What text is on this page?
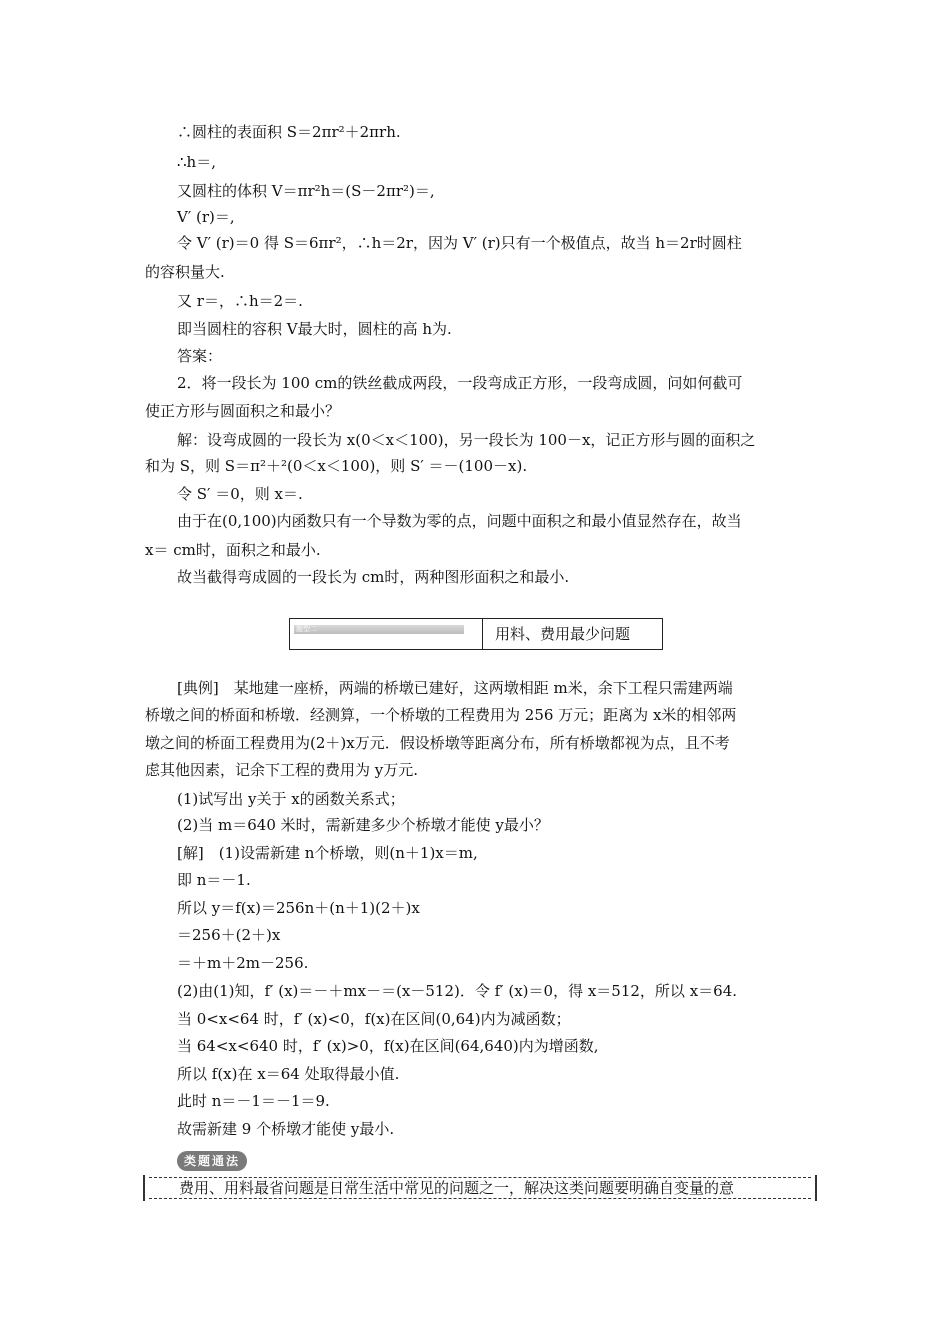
∴圆柱的表面积 S＝2πr²＋2πrh.
∴h＝,
又圆柱的体积 V＝πr²h＝(S－2πr²)＝,
V′ (r)＝,
令 V′ (r)＝0 得 S＝6πr²，∴h＝2r，因为 V′ (r)只有一个极值点，故当 h＝2r时圆柱
的容积量大.
又 r＝，∴h＝2＝.
即当圆柱的容积 V最大时，圆柱的高 h为.
答案：
2．将一段长为 100 cm的铁丝截成两段，一段弯成正方形，一段弯成圆，问如何截可
使正方形与圆面积之和最小？
解：设弯成圆的一段长为 x(0＜x＜100)，另一段长为 100－x，记正方形与圆的面积之
和为 S，则 S＝π²＋²(0＜x＜100)，则 S′ ＝－(100－x).
令 S′ ＝0，则 x＝.
由于在(0,100)内函数只有一个导数为零的点，问题中面积之和最小值显然存在，故当
x＝ cm时，面积之和最小.
故当截得弯成圆的一段长为 cm时，两种图形面积之和最小.
题型二	用料、费用最少问题
[典例]　某地建一座桥，两端的桥墩已建好，这两墩相距 m米，余下工程只需建两端
桥墩之间的桥面和桥墩．经测算，一个桥墩的工程费用为 256 万元；距离为 x米的相邻两
墩之间的桥面工程费用为(2＋)x万元．假设桥墩等距离分布，所有桥墩都视为点，且不考
虑其他因素，记余下工程的费用为 y万元.
(1)试写出 y关于 x的函数关系式；
(2)当 m＝640 米时，需新建多少个桥墩才能使 y最小？
[解]　(1)设需新建 n个桥墩，则(n＋1)x＝m,
即 n＝－1.
所以 y＝f(x)＝256n＋(n＋1)(2＋)x
＝256＋(2＋)x
＝＋m＋2m－256.
(2)由(1)知，f′ (x)＝－＋mx－＝(x－512)．令 f′ (x)＝0，得 x＝512，所以 x＝64.
当 0<x<64 时，f′ (x)<0，f(x)在区间(0,64)内为减函数；
当 64<x<640 时，f′ (x)>0，f(x)在区间(64,640)内为增函数,
所以 f(x)在 x＝64 处取得最小值.
此时 n＝－1＝－1＝9.
故需新建 9 个桥墩才能使 y最小.
类题通法
费用、用料最省问题是日常生活中常见的问题之一，解决这类问题要明确自变量的意
